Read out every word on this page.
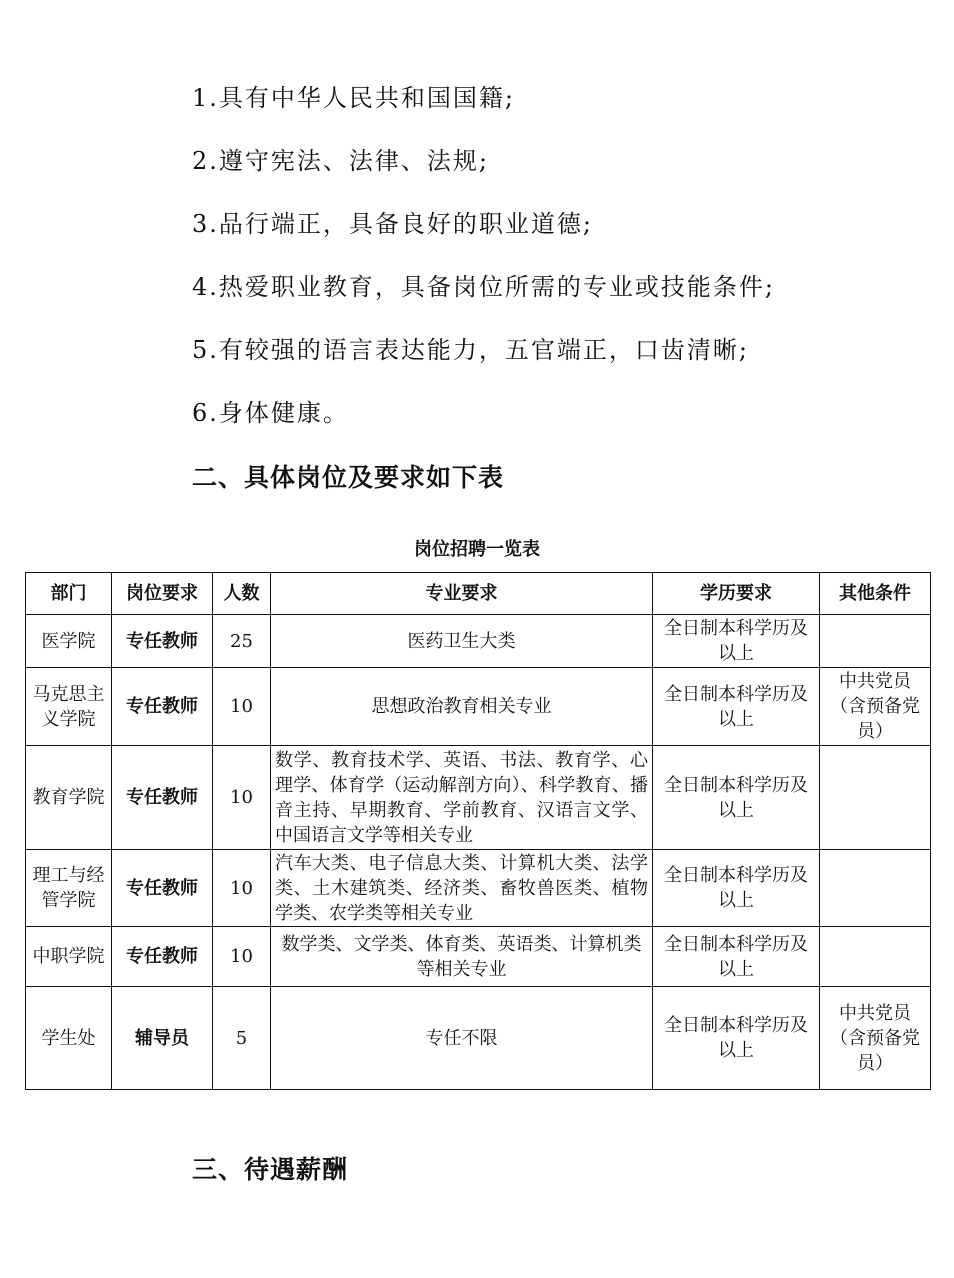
1.具有中华人民共和国国籍;
2.遵守宪法、法律、法规;
3.品行端正，具备良好的职业道德;
4.热爱职业教育，具备岗位所需的专业或技能条件;
5.有较强的语言表达能力，五官端正，口齿清晰;
6.身体健康。
二、具体岗位及要求如下表
岗位招聘一览表
部门	岗位要求	人数	专业要求	学历要求	其他条件
医学院	专任教师	25	医药卫生大类	全日制本科学历及以上	
马克思主义学院	专任教师	10	思想政治教育相关专业	全日制本科学历及以上	中共党员（含预备党员）
教育学院	专任教师	10	数学、教育技术学、英语、书法、教育学、心理学、体育学（运动解剖方向）、科学教育、播音主持、早期教育、学前教育、汉语言文学、中国语言文学等相关专业	全日制本科学历及以上	
理工与经管学院	专任教师	10	汽车大类、电子信息大类、计算机大类、法学类、土木建筑类、经济类、畜牧兽医类、植物学类、农学类等相关专业	全日制本科学历及以上	
中职学院	专任教师	10	数学类、文学类、体育类、英语类、计算机类等相关专业	全日制本科学历及以上	
学生处	辅导员	5	专任不限	全日制本科学历及以上	中共党员（含预备党员）
三、待遇薪酬
